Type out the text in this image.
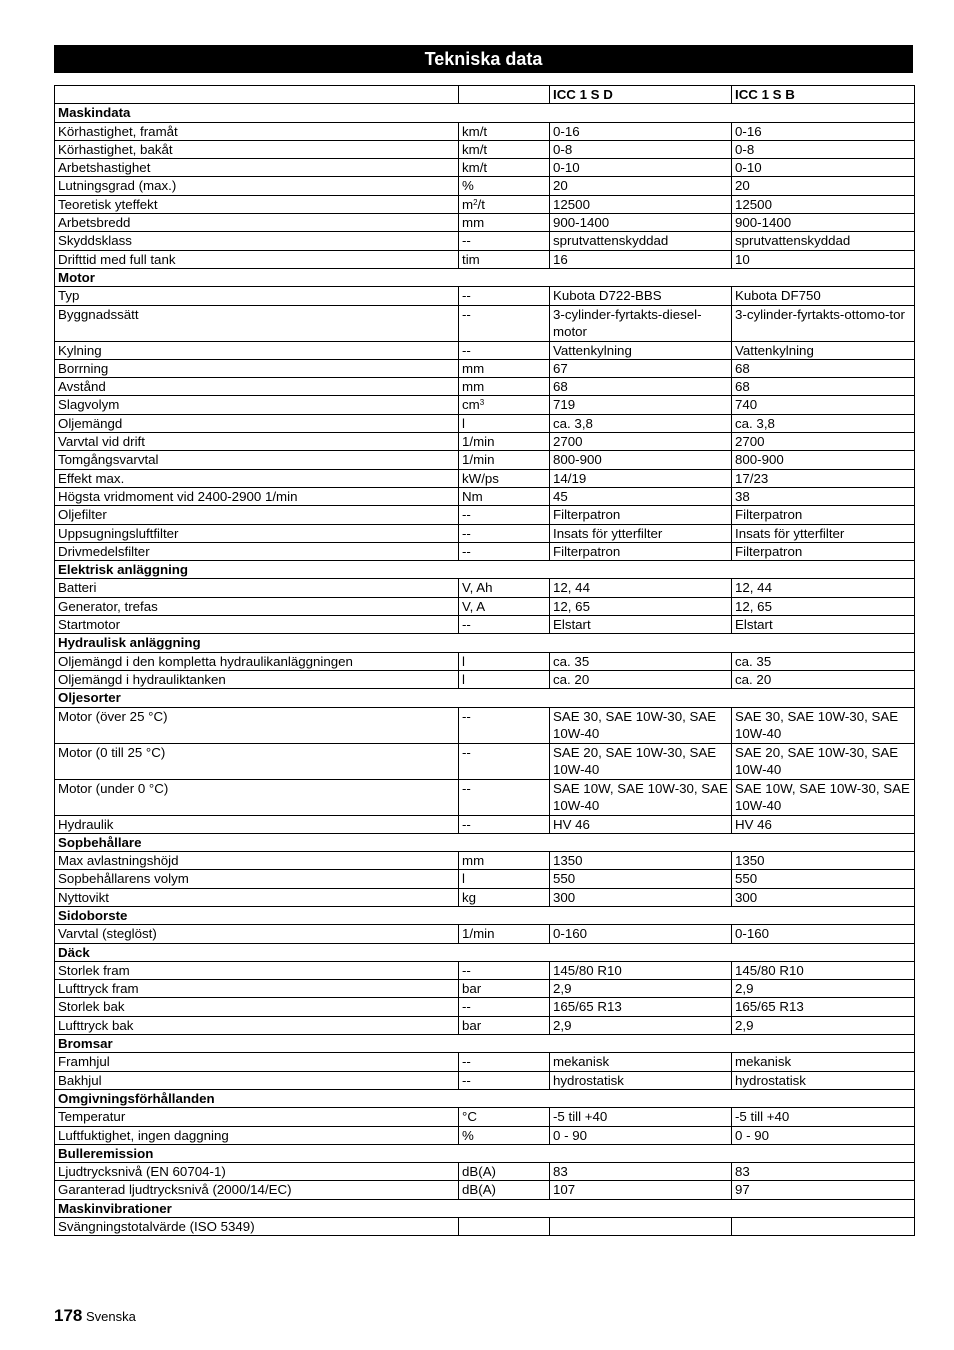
Tekniska data
		ICC 1 S D	ICC 1 S B
Maskindata			
Körhastighet, framåt	km/t	0-16	0-16
Körhastighet, bakåt	km/t	0-8	0-8
Arbetshastighet	km/t	0-10	0-10
Lutningsgrad (max.)	%	20	20
Teoretisk yteffekt	$m^2/t$	12500	12500
Arbetsbredd	mm	900-1400	900-1400
Skyddsklass	--	sprutvattenskyddad	sprutvattenskyddad
Drifttid med full tank	tim	16	10
Motor			
Typ	--	Kubota D722-BBS	Kubota DF750
Byggnadssätt	--	3-cylinder-fyrtakts-diesel-motor	3-cylinder-fyrtakts-ottomo-tor
Kylning	--	Vattenkylning	Vattenkylning
Borrning	mm	67	68
Avstånd	mm	68	68
Slagvolym	$cm^3$	719	740
Oljemängd	l	ca. 3,8	ca. 3,8
Varvtal vid drift	1/min	2700	2700
Tomgångsvarvtal	1/min	800-900	800-900
Effekt max.	kW/ps	14/19	17/23
Högsta vridmoment vid 2400-2900 1/min	Nm	45	38
Oljefilter	--	Filterpatron	Filterpatron
Uppsugningsluftfilter	--	Insats för ytterfilter	Insats för ytterfilter
Drivmedelsfilter	--	Filterpatron	Filterpatron
Elektrisk anläggning			
Batteri	V, Ah	12, 44	12, 44
Generator, trefas	V, A	12, 65	12, 65
Startmotor	--	Elstart	Elstart
Hydraulisk anläggning			
Oljemängd i den kompletta hydraulikanläggningen	l	ca. 35	ca. 35
Oljemängd i hydrauliktanken	l	ca. 20	ca. 20
Oljesorter			
Motor (över 25 °C)	--	SAE 30, SAE 10W-30, SAE 10W-40	SAE 30, SAE 10W-30, SAE 10W-40
Motor (0 till 25 °C)	--	SAE 20, SAE 10W-30, SAE 10W-40	SAE 20, SAE 10W-30, SAE 10W-40
Motor (under 0 °C)	--	SAE 10W, SAE 10W-30, SAE 10W-40	SAE 10W, SAE 10W-30, SAE 10W-40
Hydraulik	--	HV 46	HV 46
Sopbehållare			
Max avlastningshöjd	mm	1350	1350
Sopbehållarens volym	l	550	550
Nyttovikt	kg	300	300
Sidoborste			
Varvtal (steglöst)	1/min	0-160	0-160
Däck			
Storlek fram	--	145/80 R10	145/80 R10
Lufttryck fram	bar	2,9	2,9
Storlek bak	--	165/65 R13	165/65 R13
Lufttryck bak	bar	2,9	2,9
Bromsar			
Framhjul	--	mekanisk	mekanisk
Bakhjul	--	hydrostatisk	hydrostatisk
Omgivningsförhållanden			
Temperatur	°C	-5 till +40	-5 till +40
Luftfuktighet, ingen daggning	%	0 - 90	0 - 90
Bulleremission			
Ljudtrycksnivå (EN 60704-1)	dB(A)	83	83
Garanterad ljudtrycksnivå (2000/14/EC)	dB(A)	107	97
Maskinvibrationer			
Svängningstotalvärde (ISO 5349)			
178 Svenska
